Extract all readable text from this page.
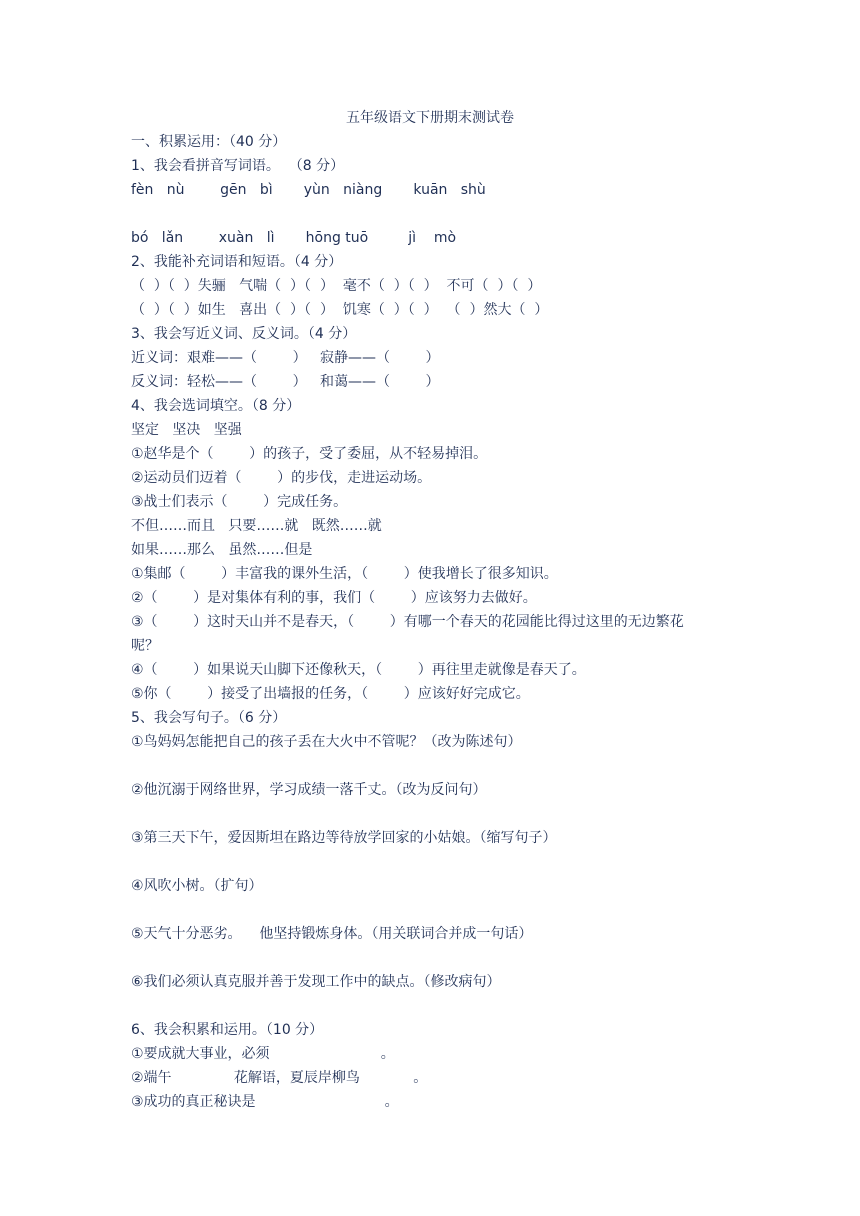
五年级语文下册期末测试卷
一、积累运用：（40 分）
1、我会看拼音写词语。  （8 分）
fèn   nù        gēn   bì       yùn   niàng       kuān   shù
bó   lǎn        xuàn   lì       hōng tuō         jì    mò
2、我能补充词语和短语。（4 分）
（  ）（  ）失骊   气喘（  ）（  ）  毫不（  ）（  ）  不可（  ）（  ）
（  ）（  ）如生   喜出（  ）（  ）  饥寒（  ）（  ）  （  ）然大（  ）
3、我会写近义词、反义词。（4 分）
近义词：艰难——（        ）   寂静——（        ）
反义词：轻松——（        ）   和蔼——（        ）
4、我会选词填空。（8 分）
坚定   坚决   坚强
①赵华是个（        ）的孩子，受了委屈，从不轻易掉泪。
②运动员们迈着（        ）的步伐，走进运动场。
③战士们表示（        ）完成任务。
不但……而且   只要……就   既然……就
如果……那么   虽然……但是
①集邮（        ）丰富我的课外生活，（        ）使我增长了很多知识。
②（        ）是对集体有利的事，我们（        ）应该努力去做好。
③（        ）这时天山并不是春天，（        ）有哪一个春天的花园能比得过这里的无边繁花
呢？
④（        ）如果说天山脚下还像秋天，（        ）再往里走就像是春天了。
⑤你（        ）接受了出墙报的任务，（        ）应该好好完成它。
5、我会写句子。（6 分）
①鸟妈妈怎能把自己的孩子丢在大火中不管呢？（改为陈述句）
②他沉溺于网络世界，学习成绩一落千丈。（改为反问句）
③第三天下午，爱因斯坦在路边等待放学回家的小姑娘。（缩写句子）
④风吹小树。（扩句）
⑤天气十分恶劣。    他坚持锻炼身体。（用关联词合并成一句话）
⑥我们必须认真克服并善于发现工作中的缺点。（修改病句）
6、我会积累和运用。（10 分）
①要成就大事业，必须                         。
②端午              花解语，夏辰岸柳鸟            。
③成功的真正秘诀是                             。
